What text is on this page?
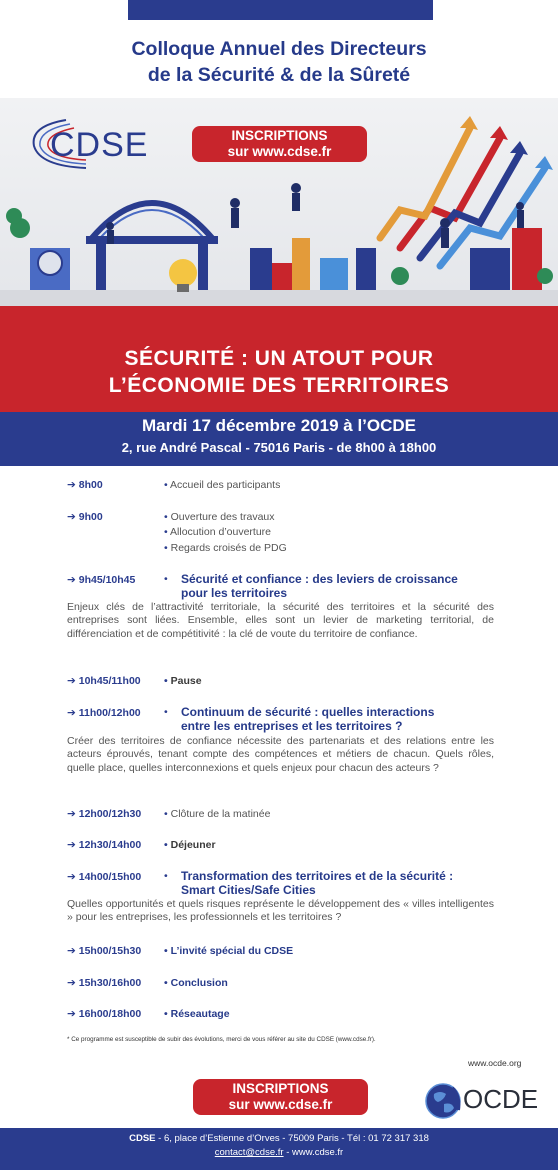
Colloque Annuel des Directeurs
de la Sécurité & de la Sûreté
CDSE	INSCRIPTIONS
sur www.cdse.fr
SÉCURITÉ : UN ATOUT POUR
L’ÉCONOMIE DES TERRITOIRES
Mardi 17 décembre 2019 à l’OCDE
2, rue André Pascal - 75016 Paris - de 8h00 à 18h00
➔ 8h00	• Accueil des participants
➔ 9h00	• Ouverture des travaux
• Allocution d’ouverture
• Regards croisés de PDG
➔ 9h45/10h45	• Sécurité et confiance : des leviers de croissance
pour les territoires
Enjeux clés de l’attractivité territoriale, la sécurité des territoires et la sécurité des entreprises sont liées. Ensemble, elles sont un levier de marketing territorial, de différenciation et de compétitivité : la clé de voute du territoire de confiance.
➔ 10h45/11h00 • Pause
➔ 11h00/12h00 • Continuum de sécurité : quelles interactions
entre les entreprises et les territoires ?
Créer des territoires de confiance nécessite des partenariats et des relations entre les acteurs éprouvés, tenant compte des compétences et métiers de chacun. Quels rôles, quelle place, quelles interconnexions et quels enjeux pour chacun des acteurs ?
➔ 12h00/12h30 • Clôture de la matinée
➔ 12h30/14h00 • Déjeuner
➔ 14h00/15h00 • Transformation des territoires et de la sécurité :
Smart Cities/Safe Cities
Quelles opportunités et quels risques représente le développement des « villes intelligentes » pour les entreprises, les professionnels et les territoires ?
➔ 15h00/15h30 • L’invité spécial du CDSE
➔ 15h30/16h00 • Conclusion
➔ 16h00/18h00 • Réseautage
* Ce programme est susceptible de subir des évolutions, merci de vous référer au site du CDSE (www.cdse.fr).
INSCRIPTIONS
sur www.cdse.fr
www.ocde.org
OCDE
CDSE - 6, place d’Estienne d’Orves - 75009 Paris - Tél : 01 72 317 318
contact@cdse.fr - www.cdse.fr
